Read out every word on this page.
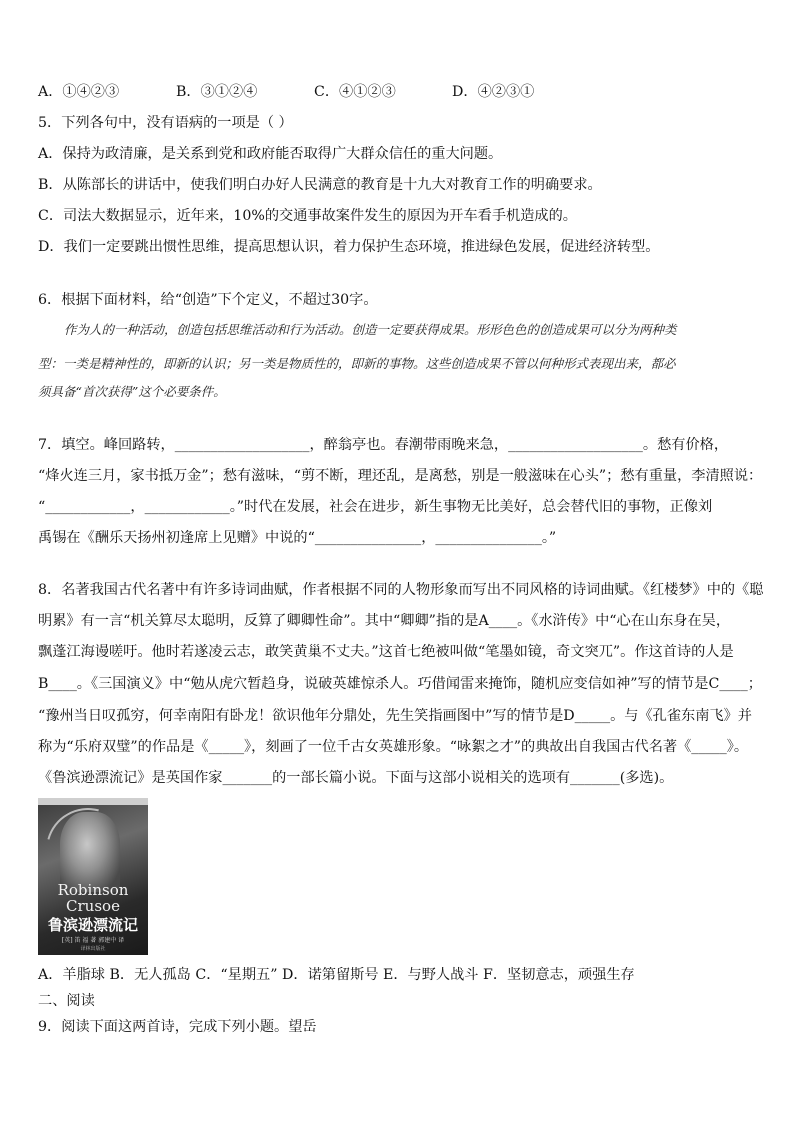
A．①④②③	B．③①②④	C．④①②③	D．④②③①
5．下列各句中，没有语病的一项是（ ）
A．保持为政清廉，是关系到党和政府能否取得广大群众信任的重大问题。
B．从陈部长的讲话中，使我们明白办好人民满意的教育是十九大对教育工作的明确要求。
C．司法大数据显示，近年来，10%的交通事故案件发生的原因为开车看手机造成的。
D．我们一定要跳出惯性思维，提高思想认识，着力保护生态环境，推进绿色发展，促进经济转型。
6．根据下面材料，给“创造”下个定义，不超过30字。
作为人的一种活动，创造包括思维活动和行为活动。创造一定要获得成果。形形色色的创造成果可以分为两种类
型：一类是精神性的，即新的认识；另一类是物质性的，即新的事物。这些创造成果不管以何种形式表现出来，都必
须具备“首次获得”这个必要条件。
7．填空。峰回路转，___________________，醉翁亭也。春潮带雨晚来急，___________________。愁有价格，
“烽火连三月，家书抵万金”；愁有滋味，“剪不断，理还乱，是离愁，别是一般滋味在心头”；愁有重量，李清照说：
“____________，____________。”时代在发展，社会在进步，新生事物无比美好，总会替代旧的事物，正像刘
禹锡在《酬乐天扬州初逢席上见赠》中说的“_______________，_______________。”
8．名著我国古代名著中有许多诗词曲赋，作者根据不同的人物形象而写出不同风格的诗词曲赋。《红楼梦》中的《聪
明累》有一言“机关算尽太聪明，反算了卿卿性命”。其中“卿卿”指的是A____。《水浒传》中“心在山东身在吴，
飘蓬江海谩嗟吁。他时若遂凌云志，敢笑黄巢不丈夫。”这首七绝被叫做“笔墨如镜，奇文突兀”。作这首诗的人是
B____。《三国演义》中“勉从虎穴暂趋身，说破英雄惊杀人。巧借闻雷来掩饰，随机应变信如神”写的情节是C____；
“豫州当日叹孤穷，何幸南阳有卧龙！欲识他年分鼎处，先生笑指画图中”写的情节是D_____。与《孔雀东南飞》并
称为“乐府双璧”的作品是《_____》，刻画了一位千古女英雄形象。“咏絮之才”的典故出自我国古代名著《_____》。
《鲁滨逊漂流记》是英国作家_______的一部长篇小说。下面与这部小说相关的选项有_______(多选)。
Robinson
Crusoe
鲁滨逊漂流记
[英] 笛 福 著 郭建中 译
译林出版社
A．羊脂球 B．无人孤岛 C．“星期五” D．诺第留斯号 E．与野人战斗 F．坚韧意志，顽强生存
二、阅读
9．阅读下面这两首诗，完成下列小题。望岳
